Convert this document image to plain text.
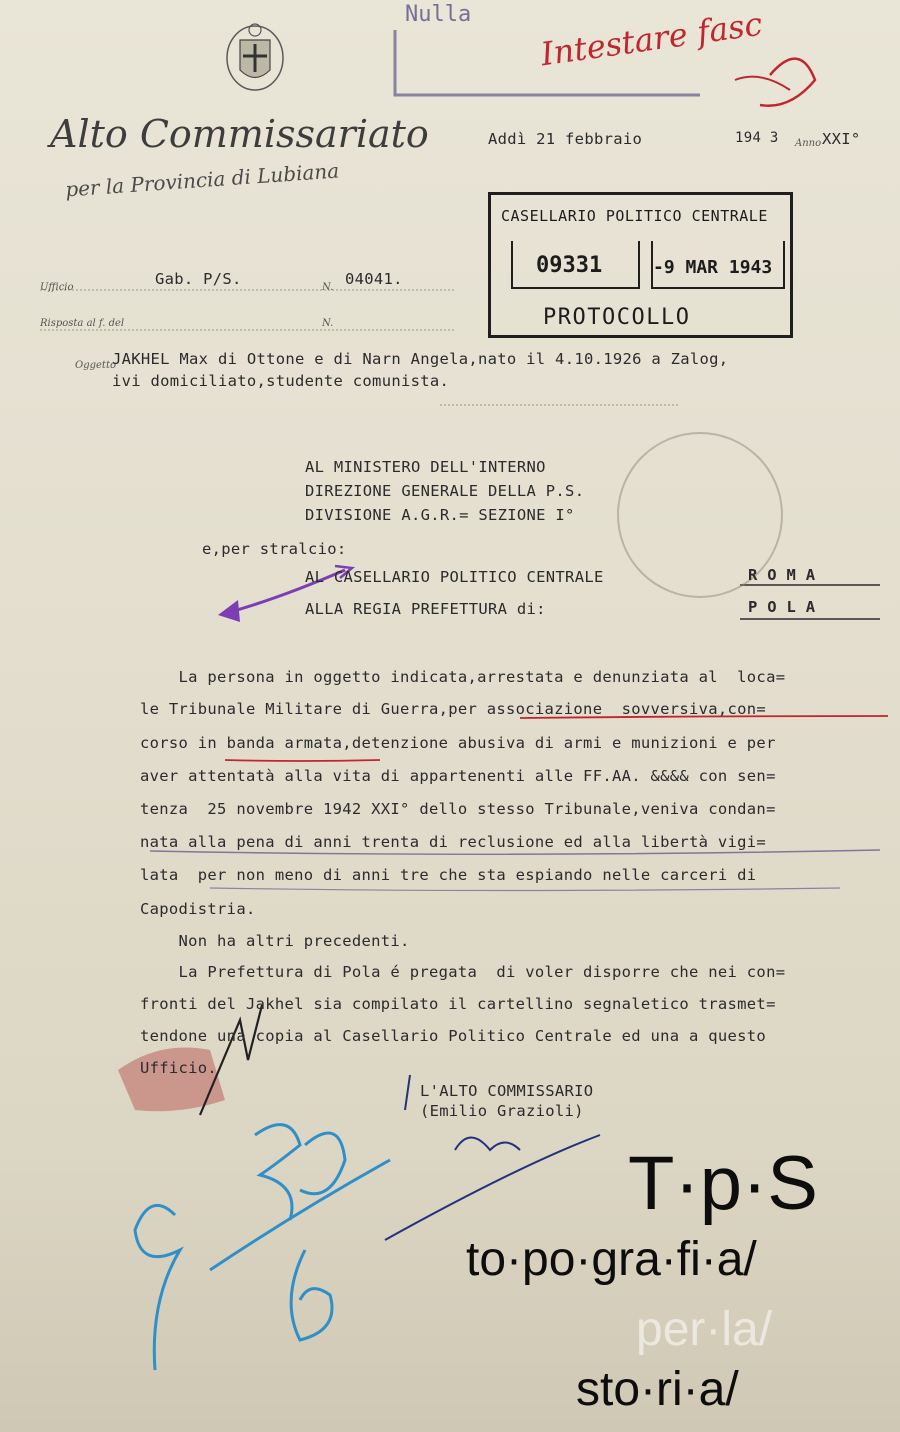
Nulla Intestare fasc
Alto Commissariato
per la Provincia di Lubiana
Addì 21 febbraio	194 3 Anno XXI°
CASELLARIO POLITICO CENTRALE
09331	-9 MAR 1943
PROTOCOLLO
Ufficio	Gab. P/S.	N. 04041.
Risposta al f. del	N.
Oggetto
JAKHEL Max di Ottone e di Narn Angela,nato il 4.10.1926 a Zalog,
ivi domiciliato,studente comunista.
AL MINISTERO DELL'INTERNO
DIREZIONE GENERALE DELLA P.S.
DIVISIONE A.G.R.= SEZIONE I°
e,per stralcio:
AL CASELLARIO POLITICO CENTRALE	R O M A
ALLA REGIA PREFETTURA di:	P O L A
La persona in oggetto indicata,arrestata e denunziata al  loca=
le Tribunale Militare di Guerra,per associazione  sovversiva,con=
corso in banda armata,detenzione abusiva di armi e munizioni e per
aver attentatà alla vita di appartenenti alle FF.AA. &&&& con sen=
tenza  25 novembre 1942 XXI° dello stesso Tribunale,veniva condan=
nata alla pena di anni trenta di reclusione ed alla libertà vigi=
lata  per non meno di anni tre che sta espiando nelle carceri di
Capodistria.
Non ha altri precedenti.
La Prefettura di Pola é pregata  di voler disporre che nei con=
fronti del Jakhel sia compilato il cartellino segnaletico trasmet=
tendone una copia al Casellario Politico Centrale ed una a questo
Ufficio.
L'ALTO COMMISSARIO
(Emilio Grazioli)
T·p·S
to·po·gra·fi·a/
per·la/
sto·ri·a/
